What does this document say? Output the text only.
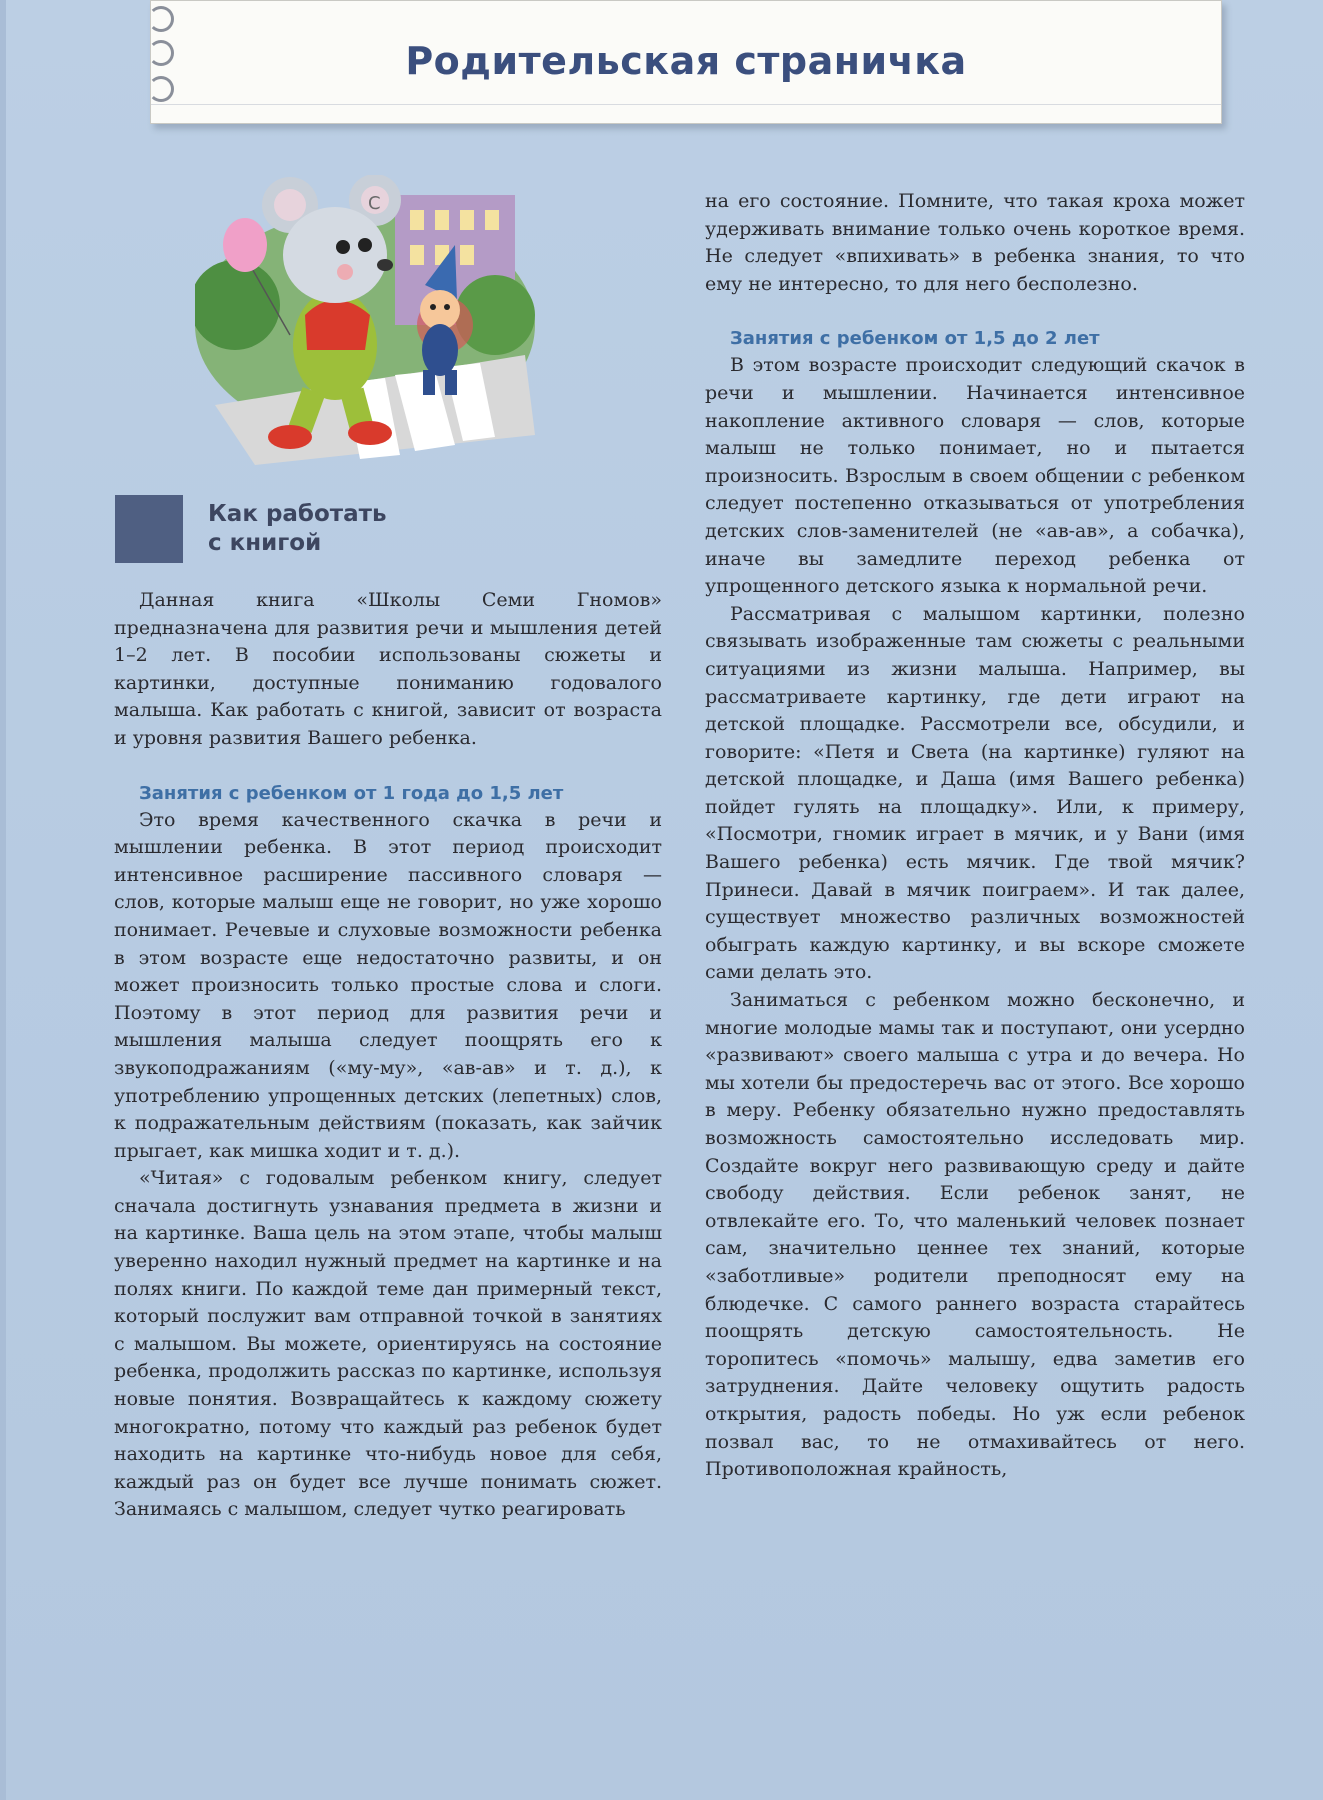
Родительская страничка
С
Как работать
с книгой

Данная книга «Школы Семи Гномов» предназначена для развития речи и мышления детей 1–2 лет. В пособии использованы сюжеты и картинки, доступные пониманию годовалого малыша. Как работать с книгой, зависит от возраста и уровня развития Вашего ребенка.

Занятия с ребенком от 1 года до 1,5 лет

Это время качественного скачка в речи и мышлении ребенка. В этот период происходит интенсивное расширение пассивного словаря — слов, которые малыш еще не говорит, но уже хорошо понимает. Речевые и слуховые возможности ребенка в этом возрасте еще недостаточно развиты, и он может произносить только простые слова и слоги. Поэтому в этот период для развития речи и мышления малыша следует поощрять его к звукоподражаниям («му-му», «ав-ав» и т. д.), к употреблению упрощенных детских (лепетных) слов, к подражательным действиям (показать, как зайчик прыгает, как мишка ходит и т. д.).

«Читая» с годовалым ребенком книгу, следует сначала достигнуть узнавания предмета в жизни и на картинке. Ваша цель на этом этапе, чтобы малыш уверенно находил нужный предмет на картинке и на полях книги. По каждой теме дан примерный текст, который послужит вам отправной точкой в занятиях с малышом. Вы можете, ориентируясь на состояние ребенка, продолжить рассказ по картинке, используя новые понятия. Возвращайтесь к каждому сюжету многократно, потому что каждый раз ребенок будет находить на картинке что-нибудь новое для себя, каждый раз он будет все лучше понимать сюжет. Занимаясь с малышом, следует чутко реагировать

на его состояние. Помните, что такая кроха может удерживать внимание только очень короткое время. Не следует «впихивать» в ребенка знания, то что ему не интересно, то для него бесполезно.

Занятия с ребенком от 1,5 до 2 лет

В этом возрасте происходит следующий скачок в речи и мышлении. Начинается интенсивное накопление активного словаря — слов, которые малыш не только понимает, но и пытается произносить. Взрослым в своем общении с ребенком следует постепенно отказываться от употребления детских слов-заменителей (не «ав-ав», а собачка), иначе вы замедлите переход ребенка от упрощенного детского языка к нормальной речи.

Рассматривая с малышом картинки, полезно связывать изображенные там сюжеты с реальными ситуациями из жизни малыша. Например, вы рассматриваете картинку, где дети играют на детской площадке. Рассмотрели все, обсудили, и говорите: «Петя и Света (на картинке) гуляют на детской площадке, и Даша (имя Вашего ребенка) пойдет гулять на площадку». Или, к примеру, «Посмотри, гномик играет в мячик, и у Вани (имя Вашего ребенка) есть мячик. Где твой мячик? Принеси. Давай в мячик поиграем». И так далее, существует множество различных возможностей обыграть каждую картинку, и вы вскоре сможете сами делать это.

Заниматься с ребенком можно бесконечно, и многие молодые мамы так и поступают, они усердно «развивают» своего малыша с утра и до вечера. Но мы хотели бы предостеречь вас от этого. Все хорошо в меру. Ребенку обязательно нужно предоставлять возможность самостоятельно исследовать мир. Создайте вокруг него развивающую среду и дайте свободу действия. Если ребенок занят, не отвлекайте его. То, что маленький человек познает сам, значительно ценнее тех знаний, которые «заботливые» родители преподносят ему на блюдечке. С самого раннего возраста старайтесь поощрять детскую самостоятельность. Не торопитесь «помочь» малышу, едва заметив его затруднения. Дайте человеку ощутить радость открытия, радость победы. Но уж если ребенок позвал вас, то не отмахивайтесь от него. Противоположная крайность,
